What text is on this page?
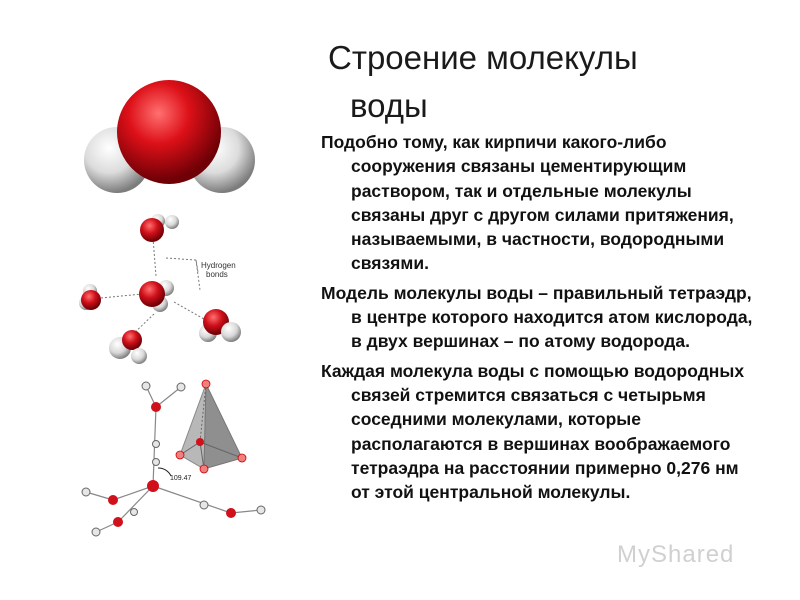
Hydrogen
bonds
109.47
Строение молекулы
воды

Подобно тому, как кирпичи какого-либо сооружения связаны цементирующим раствором, так и отдельные молекулы связаны друг с другом силами притяжения, называемыми, в частности, водородными связями.

Модель молекулы воды – правильный тетраэдр, в центре которого находится атом кислорода, в двух вершинах – по атому водорода.

Каждая молекула воды с помощью водородных связей стремится связаться с четырьмя соседними молекулами, которые располагаются в вершинах воображаемого тетраэдра на расстоянии примерно 0,276 нм от этой центральной молекулы.

MyShared
